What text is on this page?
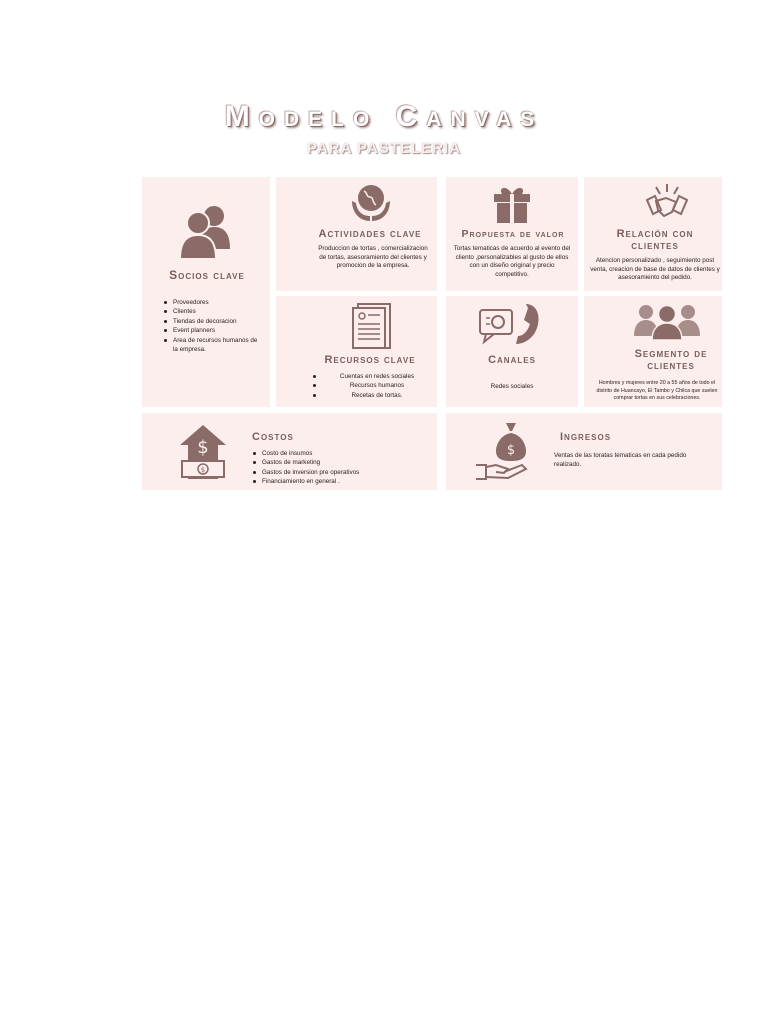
Modelo Canvas
PARA PASTELERIA
Socios clave
Proveedores
Clientes
Tiendas de decoracion
Event planners
Area de recursos humanos de la empresa.
Actividades clave
Produccion de tortas , comercializacion de tortas, asesoramiento del clientes y promocion de la empresa.
Propuesta de valor
Tortas tematicas de acuerdo al evento del cliento ,personalizables al gusto de ellos con un diseño original y precio competitivo.
Relación con
clientes
Atencion personalizado , seguimiento post venta, creacion de base de datos de clientes y asesoramiento del pedido.
Recursos clave
Cuentas en redes sociales
Recursos humanos
Recetas de tortas.
Canales
Redes sociales
Segmento de
clientes
Hombres y mujeres entre 20 a 55 años de todo el distrito de Huancayo, El Tambo y Chilca que suelen comprar tortas en sus celebraciones.
$
$
Costos
Costo de insumos
Gastos de marketing
Gastos de inversion pre operativos
Financiamiento en general .
$
Ingresos
Ventas de las toratas tematicas en cada pedido realizado.
